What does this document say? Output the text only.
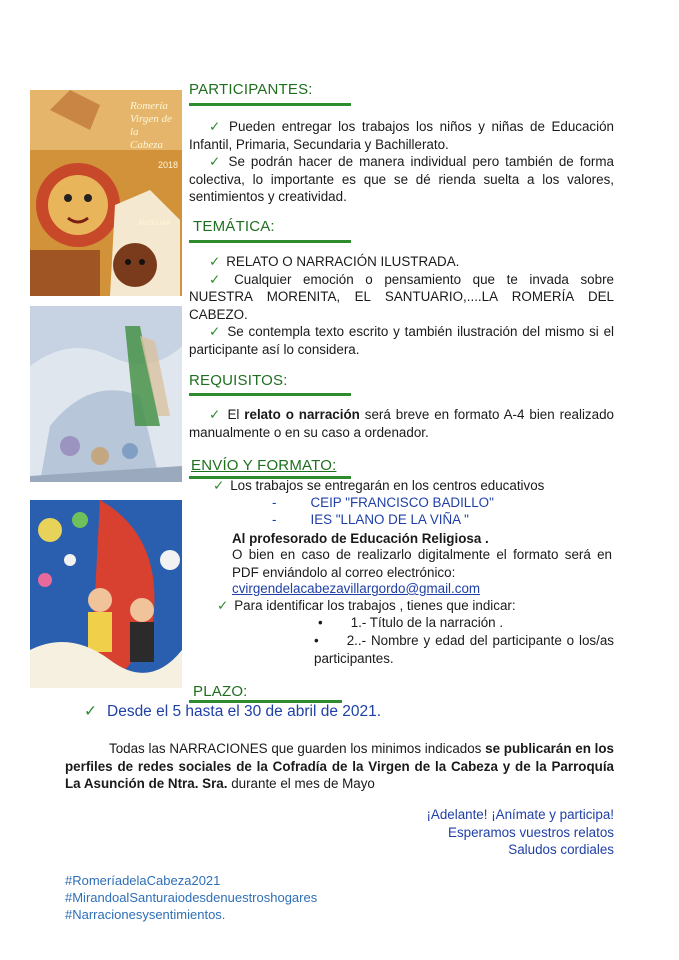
Romería
Virgen de la
Cabeza
2018
ANDÚJAR
PARTICIPANTES:
✓ Pueden entregar los trabajos los niños y niñas de Educación Infantil, Primaria, Secundaria y Bachillerato.
✓ Se podrán hacer de manera individual pero también de forma colectiva, lo importante es que se dé rienda suelta a los valores, sentimientos y creatividad.
TEMÁTICA:
✓ RELATO O NARRACIÓN ILUSTRADA.
✓ Cualquier emoción o pensamiento que te invada sobre NUESTRA MORENITA, EL SANTUARIO,....LA ROMERÍA DEL CABEZO.
✓ Se contempla texto escrito y también ilustración del mismo si el participante así lo considera.
REQUISITOS:
✓ El relato o narración será breve en formato A-4 bien realizado manualmente o en su caso a ordenador.
ENVÍO Y FORMATO:
✓ Los trabajos se entregarán en los centros educativos
-	CEIP "FRANCISCO BADILLO"
-	IES "LLANO DE LA VIÑA "
Al profesorado de Educación Religiosa .
O bien en caso de realizarlo digitalmente el formato será en PDF enviándolo al correo electrónico:
cvirgendelacabezavillargordo@gmail.com
✓ Para identificar los trabajos , tienes que indicar:
• 1.- Título de la narración .
• 2..- Nombre y edad del participante o los/as participantes.
PLAZO:
✓ Desde el 5 hasta el 30 de abril de 2021.
Todas las NARRACIONES que guarden los minimos indicados se publicarán en los perfiles de redes sociales de la Cofradía de la Virgen de la Cabeza y de la Parroquía La Asunción de Ntra. Sra. durante el mes de Mayo
¡Adelante! ¡Anímate y participa!
Esperamos vuestros relatos
Saludos cordiales
#RomeríadelaCabeza2021
#MirandoalSanturaiodesdenuestroshogares
#Narracionesysentimientos.
